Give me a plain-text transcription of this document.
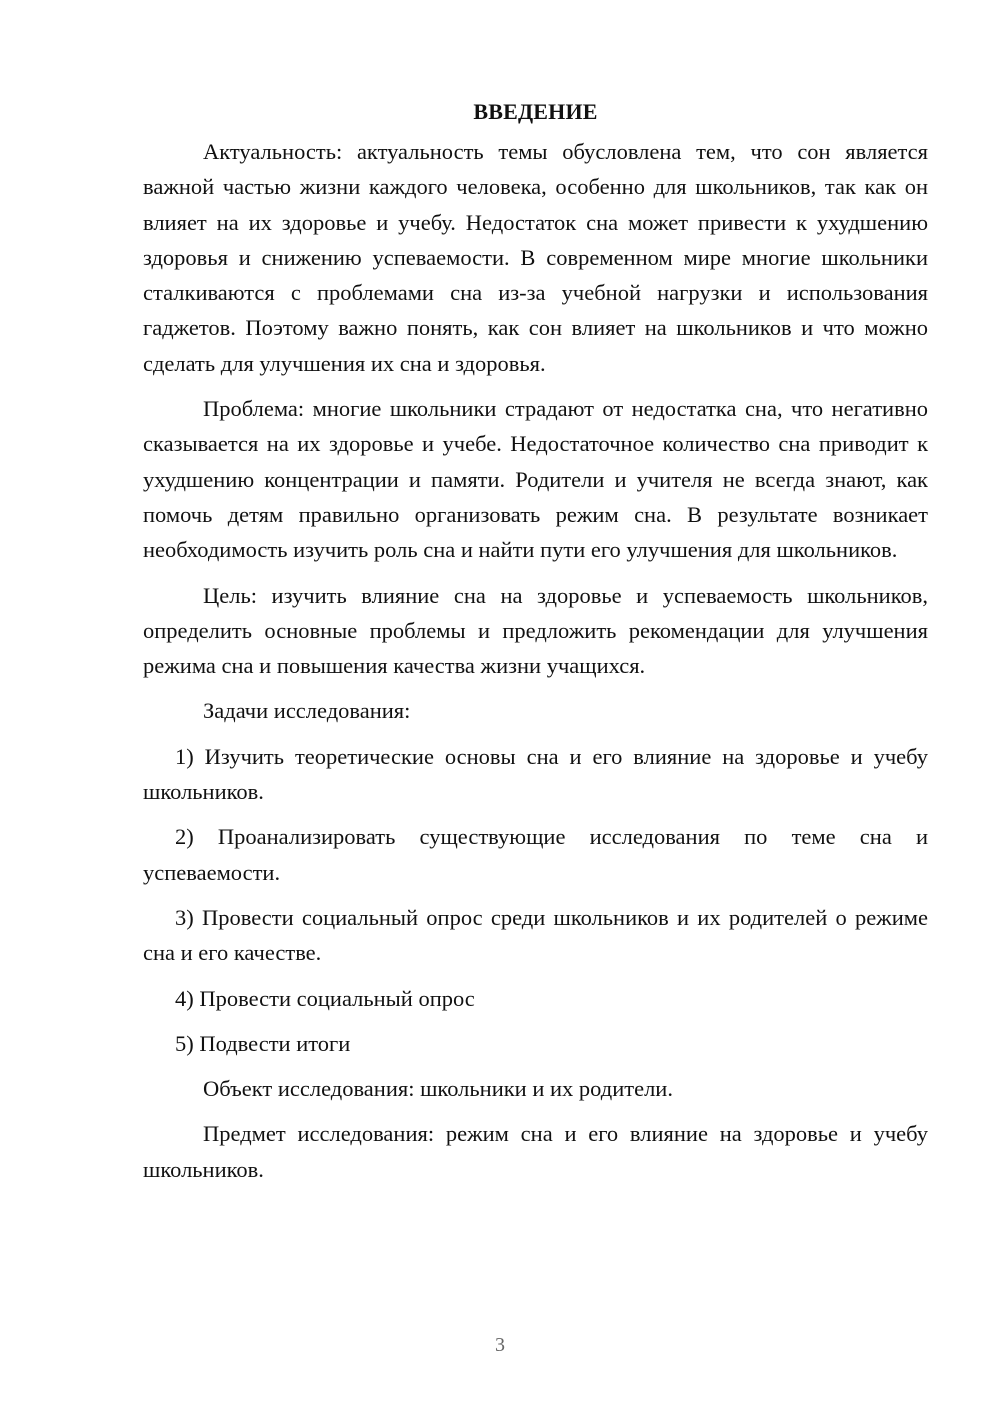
ВВЕДЕНИЕ

Актуальность: актуальность темы обусловлена тем, что сон является важной частью жизни каждого человека, особенно для школьников, так как он влияет на их здоровье и учебу. Недостаток сна может привести к ухудшению здоровья и снижению успеваемости. В современном мире многие школьники сталкиваются с проблемами сна из-за учебной нагрузки и использования гаджетов. Поэтому важно понять, как сон влияет на школьников и что можно сделать для улучшения их сна и здоровья.

Проблема: многие школьники страдают от недостатка сна, что негативно сказывается на их здоровье и учебе. Недостаточное количество сна приводит к ухудшению концентрации и памяти. Родители и учителя не всегда знают, как помочь детям правильно организовать режим сна. В результате возникает необходимость изучить роль сна и найти пути его улучшения для школьников.

Цель: изучить влияние сна на здоровье и успеваемость школьников, определить основные проблемы и предложить рекомендации для улучшения режима сна и повышения качества жизни учащихся.

Задачи исследования:

1) Изучить теоретические основы сна и его влияние на здоровье и учебу школьников.

2) Проанализировать существующие исследования по теме сна и успеваемости.

3) Провести социальный опрос среди школьников и их родителей о режиме сна и его качестве.

4) Провести социальный опрос

5) Подвести итоги

Объект исследования: школьники и их родители.

Предмет исследования: режим сна и его влияние на здоровье и учебу школьников.

3
